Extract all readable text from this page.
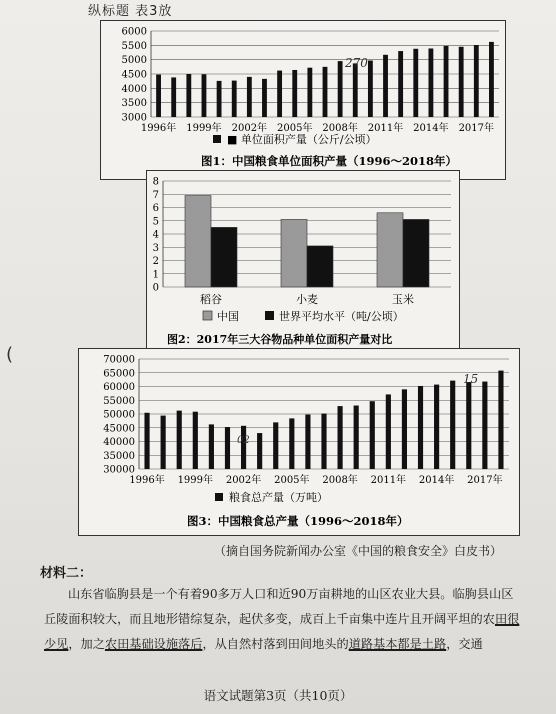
纵标题 表3放
(
3000
3500
4000
4500
5000
5500
6000
1996年 1999年 2002年 2005年 2008年 2011年 2014年 2017年
■ 单位面积产量（公斤/公顷）
图1：中国粮食单位面积产量（1996～2018年）
270
0
1
2
3
4
5
6
7
8
稻谷	小麦	玉米
中国	世界平均水平（吨/公顷）
图2：2017年三大谷物品种单位面积产量对比
30000
35000
40000
45000
50000
55000
60000
65000
70000
1996年 1999年 2002年 2005年 2008年 2011年 2014年 2017年
粮食总产量（万吨）
图3：中国粮食总产量（1996～2018年）
15
02
（摘自国务院新闻办公室《中国的粮食安全》白皮书）
材料二：
山东省临朐县是一个有着90多万人口和近90万亩耕地的山区农业大县。临朐县山区丘陵面积较大，而且地形错综复杂，起伏多变，成百上千亩集中连片且开阔平坦的农田很少见，加之农田基础设施落后，从自然村落到田间地头的道路基本都是土路，交通
语文试题第3页（共10页）
